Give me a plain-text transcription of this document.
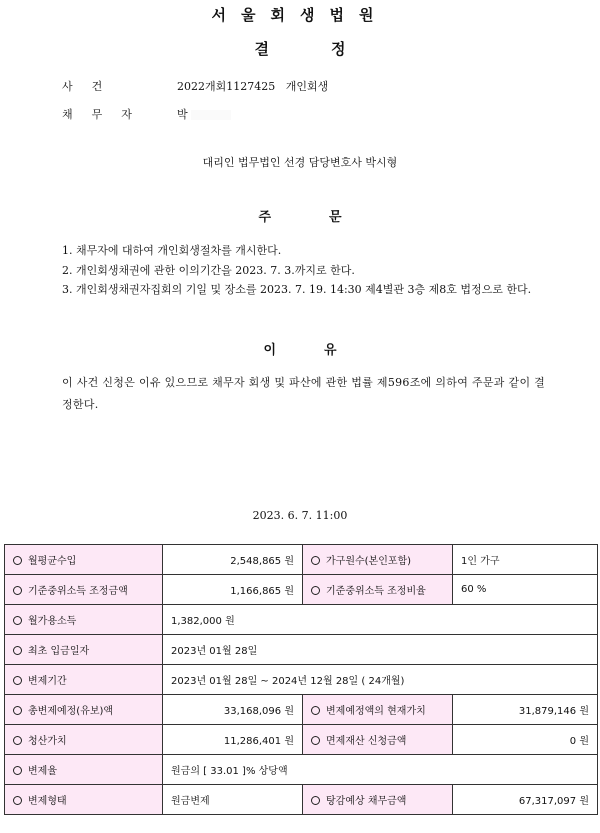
서울회생법원
결정
사건	2022개회1127425 개인회생
채무자 박
대리인 법무법인 선경 담당변호사 박시형
주문
1. 채무자에 대하여 개인회생절차를 개시한다.
2. 개인회생채권에 관한 이의기간을 2023. 7. 3.까지로 한다.
3. 개인회생채권자집회의 기일 및 장소를 2023. 7. 19. 14:30 제4별관 3층 제8호 법정으로 한다.
이유
이 사건 신청은 이유 있으므로 채무자 회생 및 파산에 관한 법률 제596조에 의하여 주문과 같이 결정한다.
2023. 6. 7. 11:00
월평균수입	2,548,865 원	가구원수(본인포함)	1인 가구
기준중위소득 조정금액	1,166,865 원	기준중위소득 조정비율	60 %
월가용소득	1,382,000 원		
최초 입금일자	2023년 01월 28일		
변제기간	2023년 01월 28일 ~ 2024년 12월 28일 ( 24개월)		
총변제예정(유보)액	33,168,096 원	변제예정액의 현재가치	31,879,146 원
청산가치	11,286,401 원	면제재산 신청금액	0 원
변제율	원금의 [ 33.01 ]% 상당액		
변제형태	원금변제	탕감예상 채무금액	67,317,097 원
